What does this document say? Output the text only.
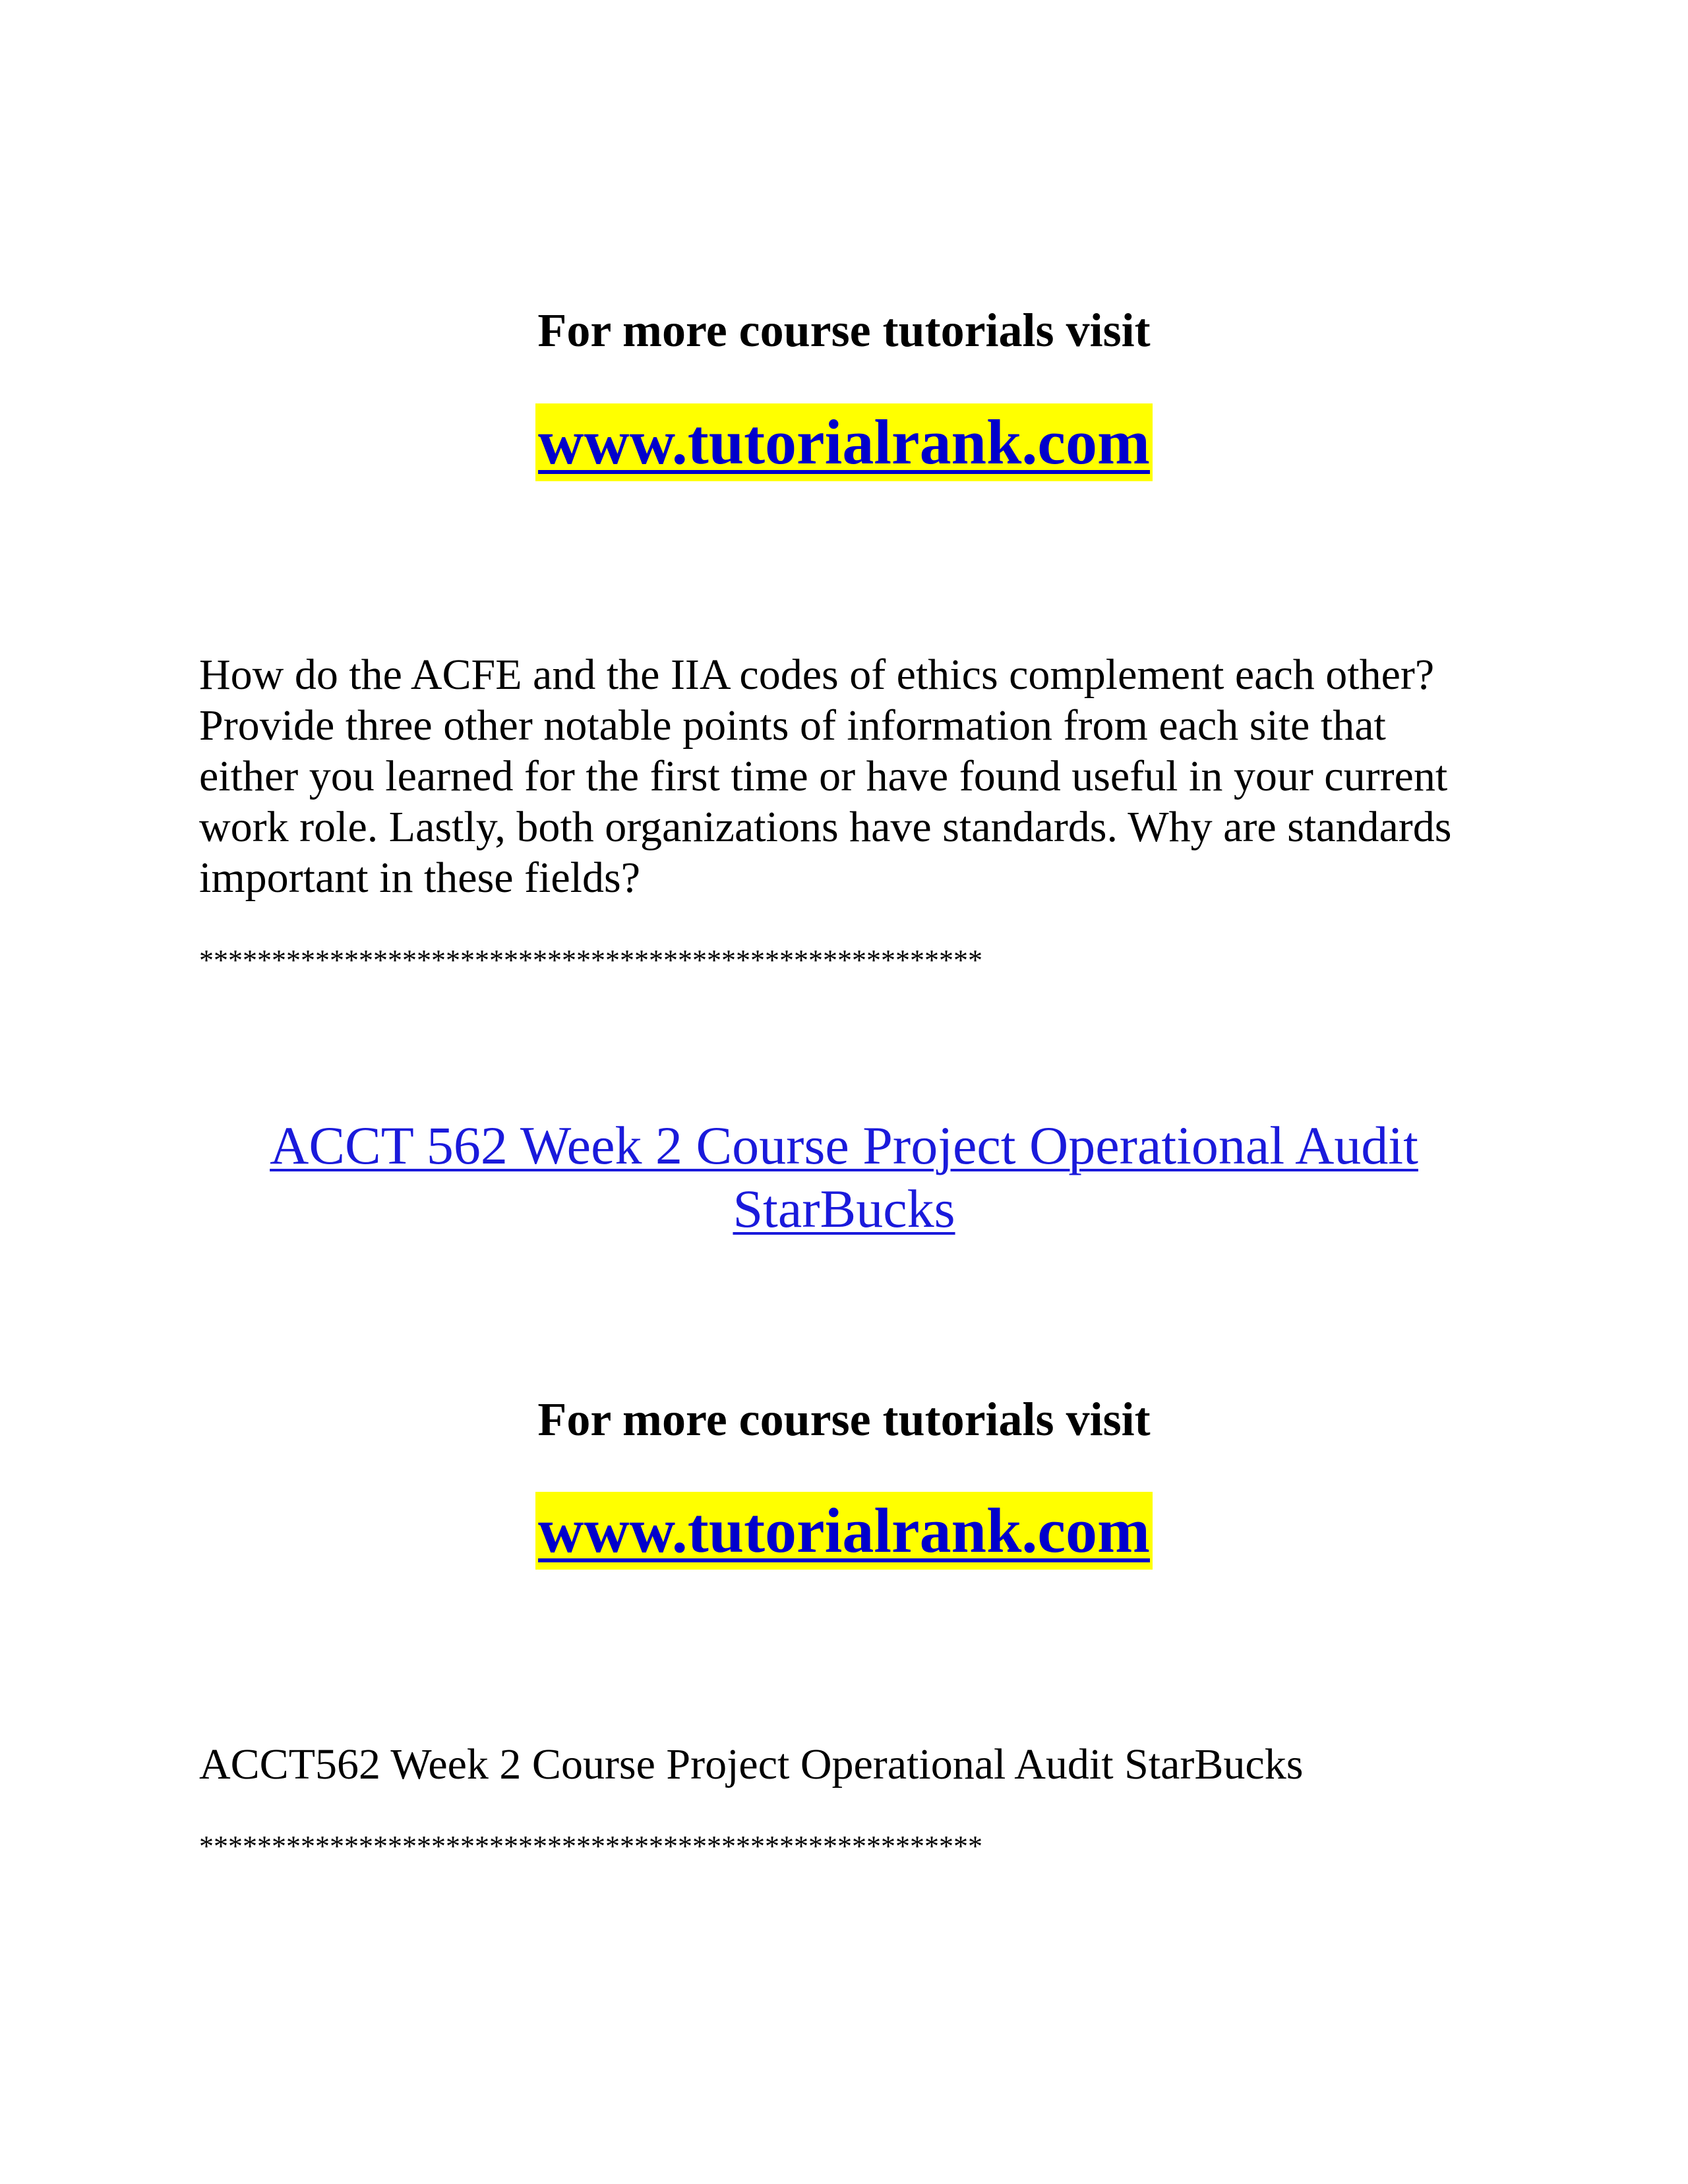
For more course tutorials visit
www.tutorialrank.com
How do the ACFE and the IIA codes of ethics complement each other?
Provide three other notable points of information from each site that
either you learned for the first time or have found useful in your current
work role. Lastly, both organizations have standards. Why are standards
important in these fields?
******************************************************
ACCT 562 Week 2 Course Project Operational Audit
StarBucks
For more course tutorials visit
www.tutorialrank.com
ACCT562 Week 2 Course Project Operational Audit StarBucks
******************************************************
